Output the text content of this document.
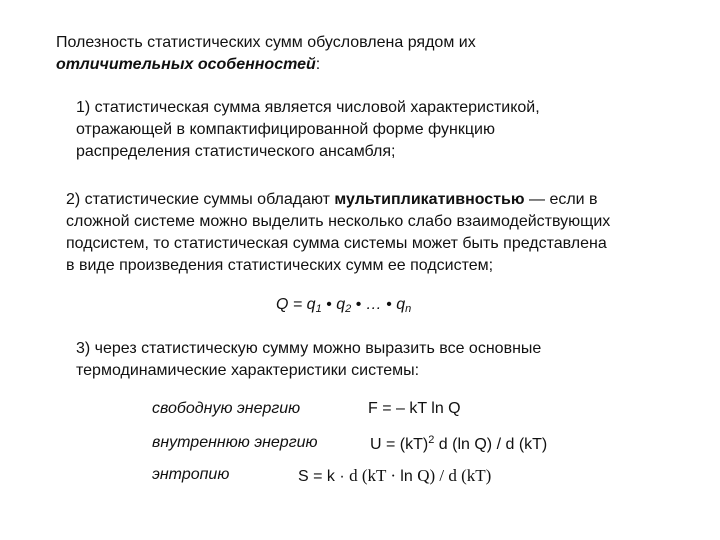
Полезность статистических сумм обусловлена рядом их
отличительных особенностей:
1) статистическая сумма является числовой характеристикой,
отражающей в компактифицированной форме функцию
распределения статистического ансамбля;
2) статистические суммы обладают мультипликативностью — если в
сложной системе можно выделить несколько слабо взаимодействующих
подсистем, то статистическая сумма системы может быть представлена
в виде произведения статистических сумм ее подсистем;
$Q = q_1$ • $q_2$ • … • $q_n$
3) через статистическую сумму можно выразить все основные
термодинамические характеристики системы:
свободную энергию	F = – kT ln Q
внутреннюю энергию	U = (kT)$^2$ d (ln Q) / d (kT)
энтропию	S = k · d (kT · ln Q) / d (kT)
